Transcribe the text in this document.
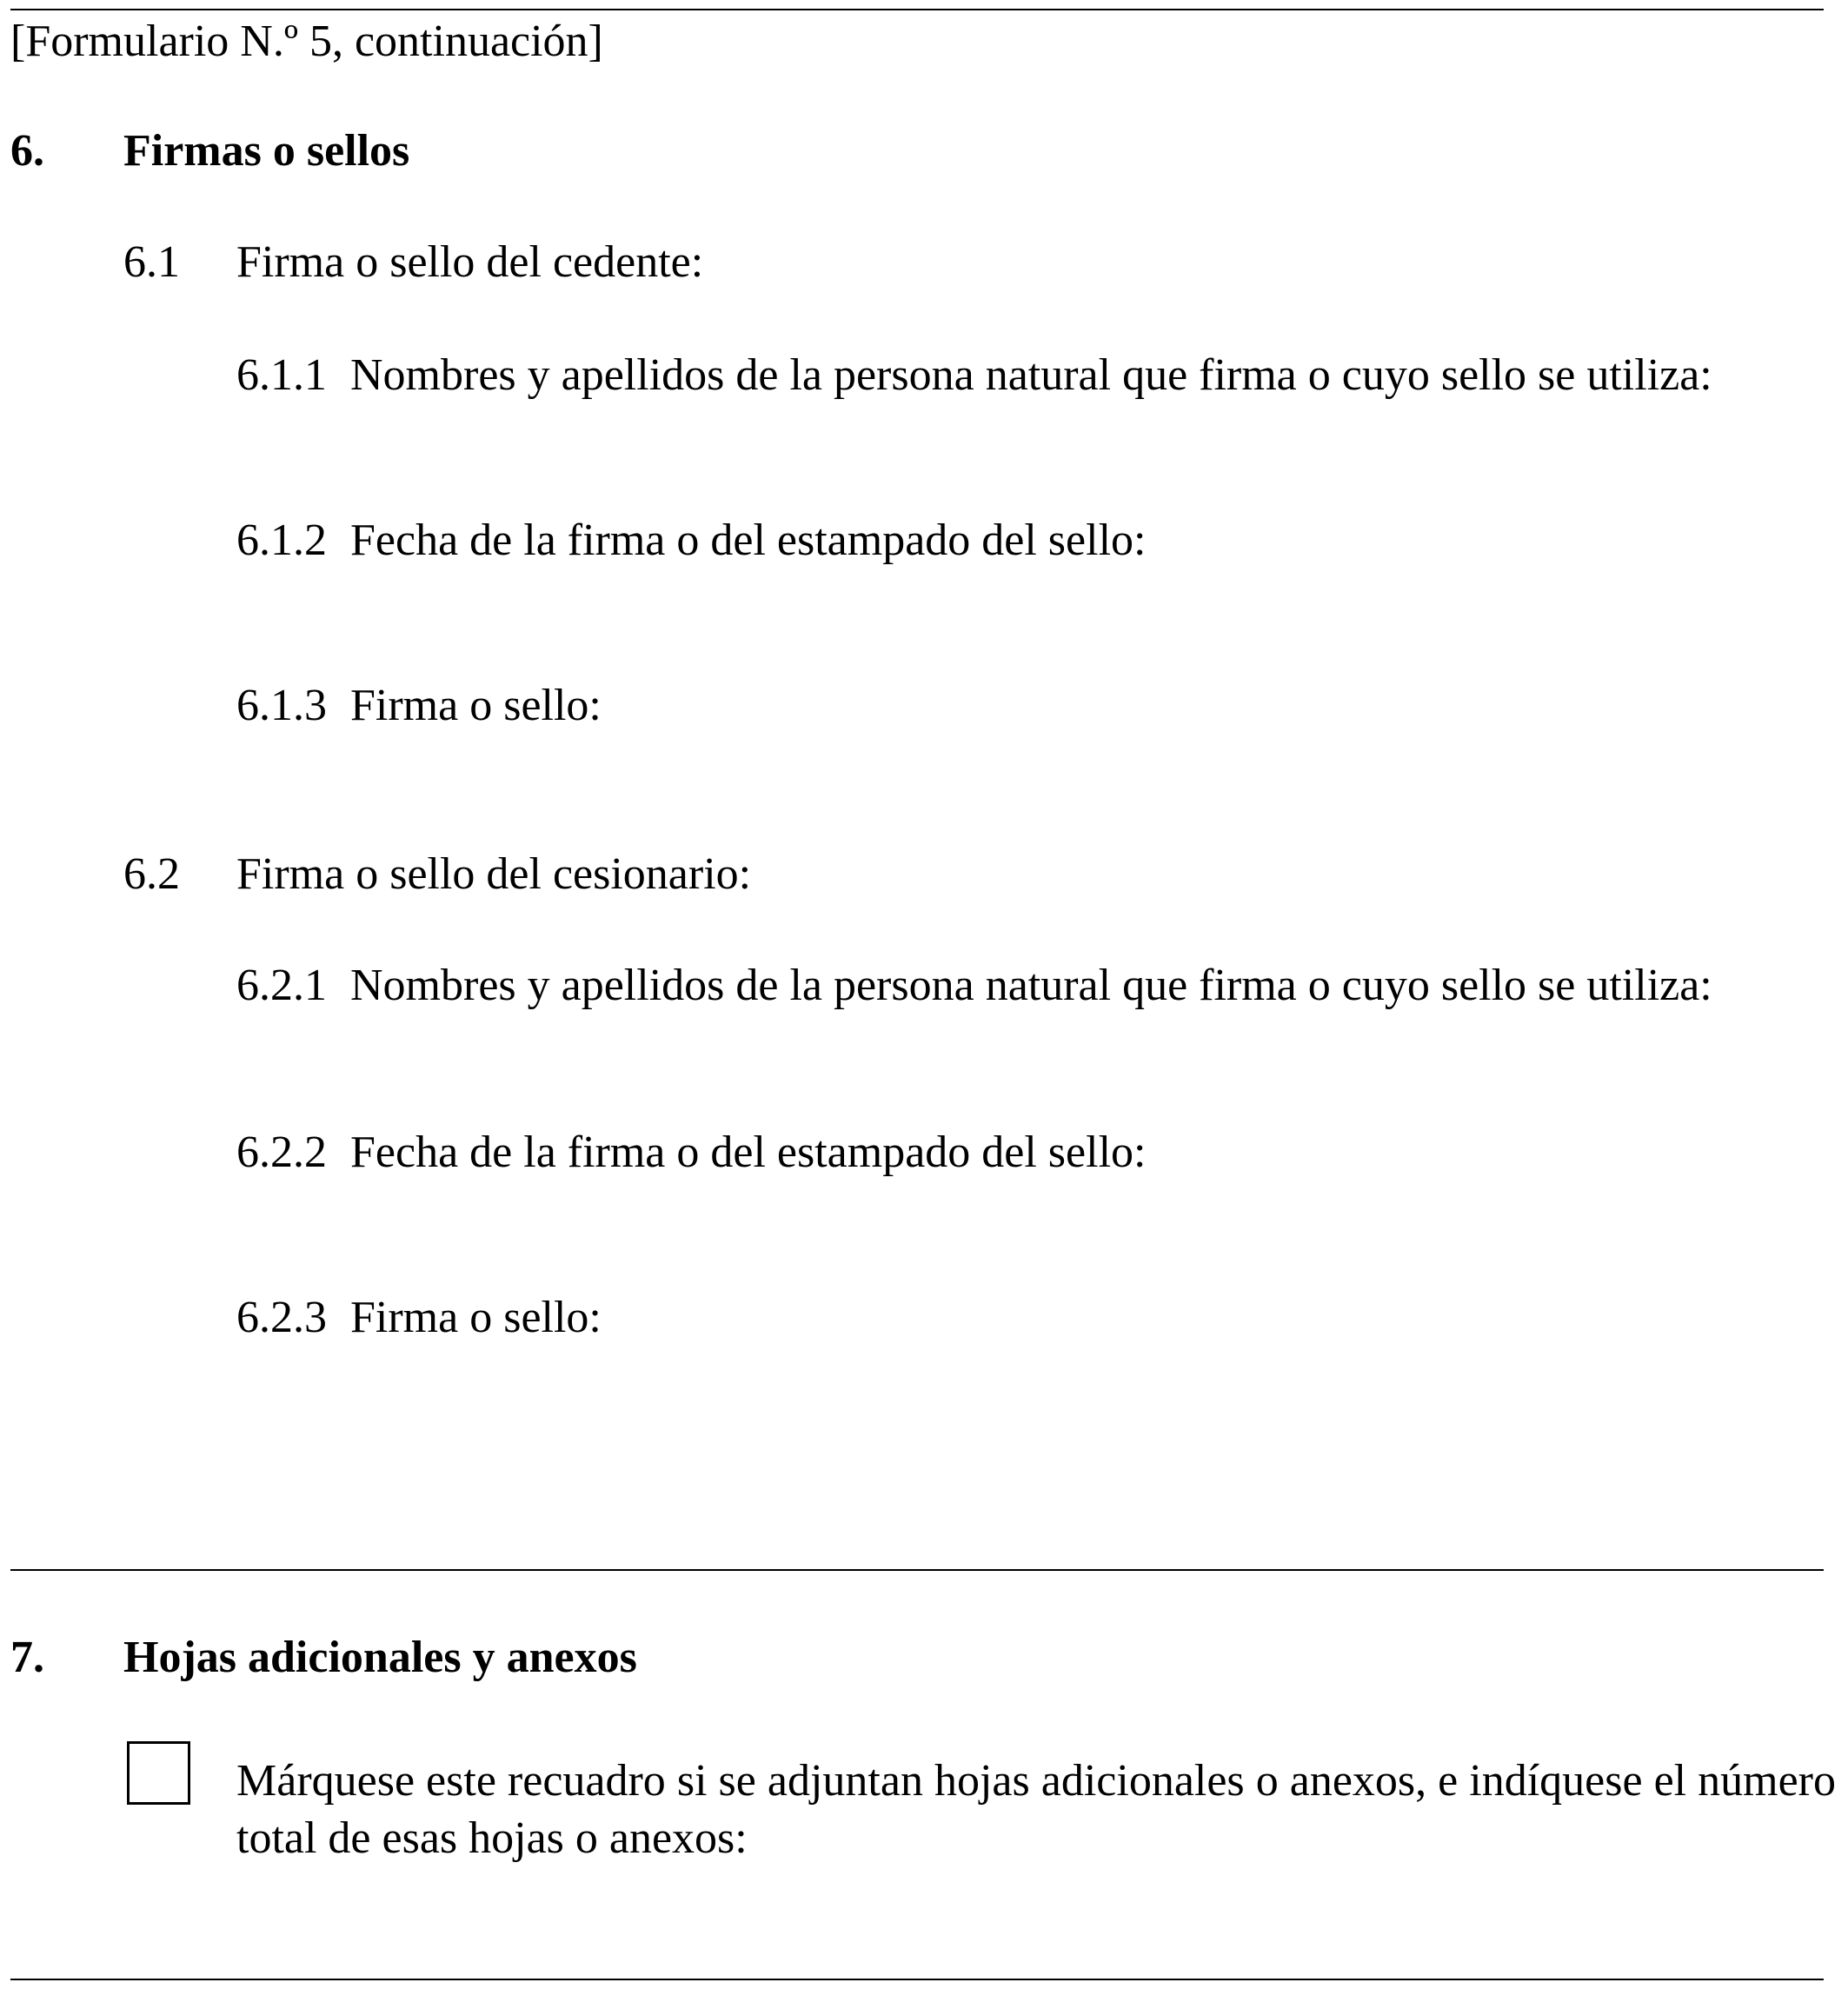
[Formulario N.º 5, continuación]
6. Firmas o sellos
6.1 Firma o sello del cedente:
6.1.1 Nombres y apellidos de la persona natural que firma o cuyo sello se utiliza:
6.1.2 Fecha de la firma o del estampado del sello:
6.1.3 Firma o sello:
6.2 Firma o sello del cesionario:
6.2.1 Nombres y apellidos de la persona natural que firma o cuyo sello se utiliza:
6.2.2 Fecha de la firma o del estampado del sello:
6.2.3 Firma o sello:
7. Hojas adicionales y anexos
Márquese este recuadro si se adjuntan hojas adicionales o anexos, e indíquese el número total de esas hojas o anexos:
